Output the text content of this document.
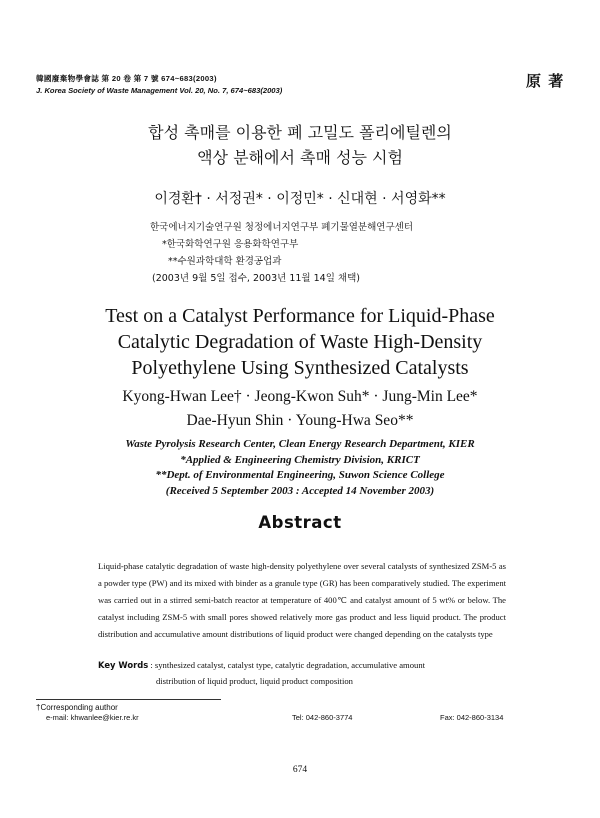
韓國廢棄物學會誌 第 20 卷 第 7 號 674~683(2003)
J. Korea Society of Waste Management Vol. 20, No. 7, 674~683(2003)
原 著
합성 촉매를 이용한 폐 고밀도 폴리에틸렌의
액상 분해에서 촉매 성능 시험
이경환† · 서정권* · 이정민* · 신대현 · 서영화**
한국에너지기술연구원 청정에너지연구부 폐기물열분해연구센터
*한국화학연구원 응용화학연구부
**수원과학대학 환경공업과
(2003년 9월 5일 접수, 2003년 11월 14일 채택)
Test on a Catalyst Performance for Liquid-Phase
Catalytic Degradation of Waste High-Density
Polyethylene Using Synthesized Catalysts
Kyong-Hwan Lee† · Jeong-Kwon Suh* · Jung-Min Lee*
Dae-Hyun Shin · Young-Hwa Seo**
Waste Pyrolysis Research Center, Clean Energy Research Department, KIER
*Applied & Engineering Chemistry Division, KRICT
**Dept. of Environmental Engineering, Suwon Science College
(Received 5 September 2003 : Accepted 14 November 2003)
Abstract
Liquid-phase catalytic degradation of waste high-density polyethylene over several catalysts of synthesized ZSM-5 as a powder type (PW) and its mixed with binder as a granule type (GR) has been comparatively studied. The experiment was carried out in a stirred semi-batch reactor at temperature of 400℃ and catalyst amount of 5 wt% or below. The catalyst including ZSM-5 with small pores showed relatively more gas product and less liquid product. The product distribution and accumulative amount distributions of liquid product were changed depending on the catalysts type
Key Words : synthesized catalyst, catalyst type, catalytic degradation, accumulative amount
distribution of liquid product, liquid product composition
†Corresponding author
e-mail: khwanlee@kier.re.kr	Tel: 042-860-3774	Fax: 042-860-3134
674
